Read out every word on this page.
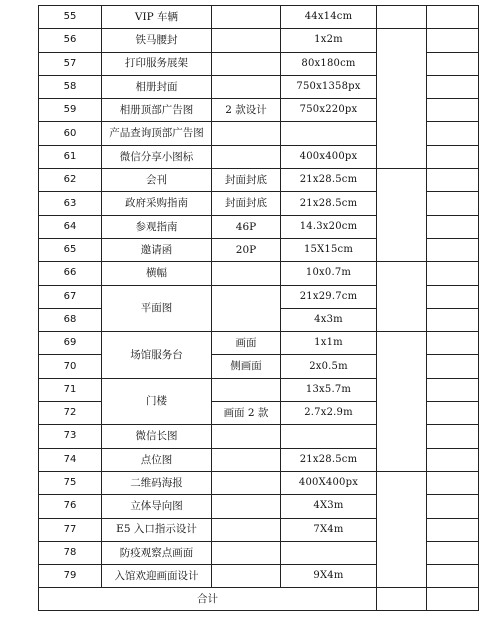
55	VIP 车辆		44x14cm		
56	铁马腰封		1x2m		
57	打印服务展架		80x180cm		
58	相册封面		750x1358px		
59	相册顶部广告图	2 款设计	750x220px		
60	产品查询顶部广告图				
61	微信分享小图标		400x400px		
62	会刊	封面封底	21x28.5cm		
63	政府采购指南	封面封底	21x28.5cm		
64	参观指南	46P	14.3x20cm		
65	邀请函	20P	15X15cm		
66	横幅		10x0.7m		
67	平面图		21x29.7cm		
68			4x3m		
69	场馆服务台	画面	1x1m		
70		侧画面	2x0.5m		
71	门楼		13x5.7m		
72		画面 2 款	2.7x2.9m		
73	微信长图				
74	点位图		21x28.5cm		
75	二维码海报		400X400px		
76	立体导向图		4X3m		
77	E5 入口指示设计		7X4m		
78	防疫观察点画面				
79	入馆欢迎画面设计		9X4m		
合计					
